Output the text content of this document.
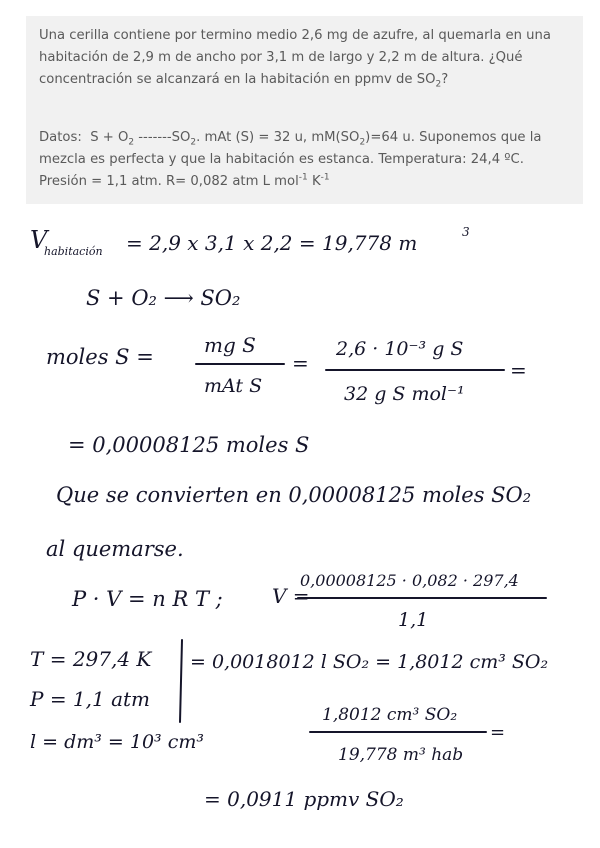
Una cerilla contiene por termino medio 2,6 mg de azufre, al quemarla en una habitación de 2,9 m de ancho por 3,1 m de largo y 2,2 m de altura. ¿Qué concentración se alcanzará en la habitación en ppmv de $SO_2$?

Datos: $S + O_2$ $-------SO_2$. mAt (S) = 32 u, $mM(SO_2)=64$ u. Suponemos que la mezcla es perfecta y que la habitación es estanca. Temperatura: 24,4 ºC. Presión = 1,1 atm. R= 0,082 atm L mol$^{-1}$ $K^{-1}$

V
habitación = 2,9 x 3,1 x 2,2 = 19,778 m	3
S + O₂ ⟶ SO₂
moles S =	mg S
mAt S
=
2,6 · 10⁻³ g S
32 g S mol⁻¹
=
= 0,00008125 moles S
Que se convierten en 0,00008125 moles SO₂
al quemarse.
P · V = n R T ; V =
0,00008125 · 0,082 · 297,4
1,1
T = 297,4 K
P = 1,1 atm
l = dm³ = 10³ cm³
= 0,0018012 l SO₂ = 1,8012 cm³ SO₂
1,8012 cm³ SO₂
19,778 m³ hab
=
= 0,0911 ppmv SO₂
